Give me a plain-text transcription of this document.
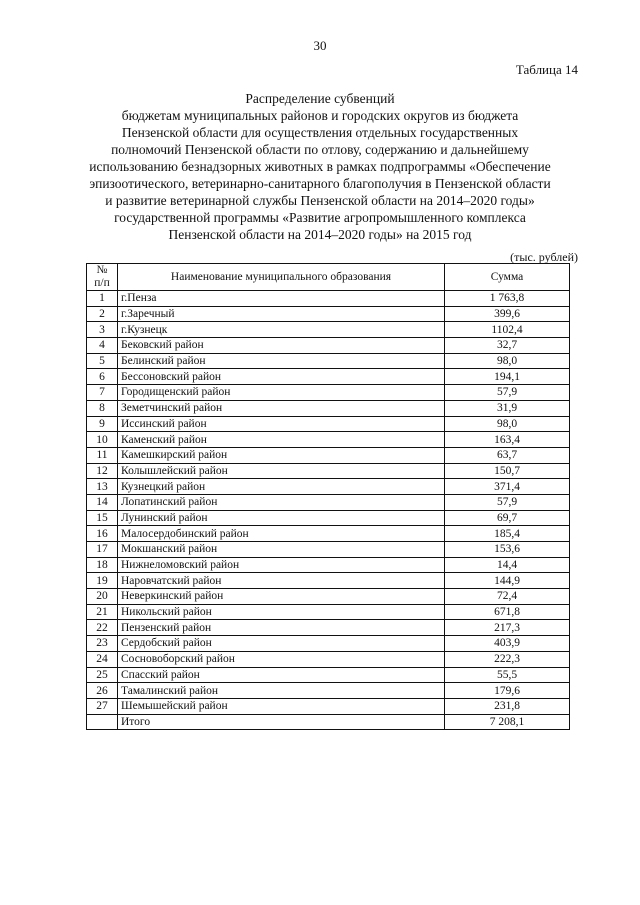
30
Таблица 14
Распределение субвенций
бюджетам муниципальных районов и городских округов из бюджета
Пензенской области для осуществления отдельных государственных
полномочий Пензенской области по отлову, содержанию и дальнейшему
использованию безнадзорных животных в рамках подпрограммы «Обеспечение
эпизоотического, ветеринарно-санитарного благополучия в Пензенской области
и развитие ветеринарной службы Пензенской области на 2014–2020 годы»
государственной программы «Развитие агропромышленного комплекса
Пензенской области на 2014–2020 годы» на 2015 год
(тыс. рублей)
№
п/п	Наименование муниципального образования	Сумма
1	г.Пенза	1 763,8
2	г.Заречный	399,6
3	г.Кузнецк	1102,4
4	Бековский район	32,7
5	Белинский район	98,0
6	Бессоновский район	194,1
7	Городищенский район	57,9
8	Земетчинский район	31,9
9	Иссинский район	98,0
10	Каменский район	163,4
11	Камешкирский район	63,7
12	Колышлейский район	150,7
13	Кузнецкий район	371,4
14	Лопатинский район	57,9
15	Лунинский район	69,7
16	Малосердобинский район	185,4
17	Мокшанский район	153,6
18	Нижнеломовский район	14,4
19	Наровчатский район	144,9
20	Неверкинский район	72,4
21	Никольский район	671,8
22	Пензенский район	217,3
23	Сердобский район	403,9
24	Сосновоборский район	222,3
25	Спасский район	55,5
26	Тамалинский район	179,6
27	Шемышейский район	231,8
	Итого	7 208,1
